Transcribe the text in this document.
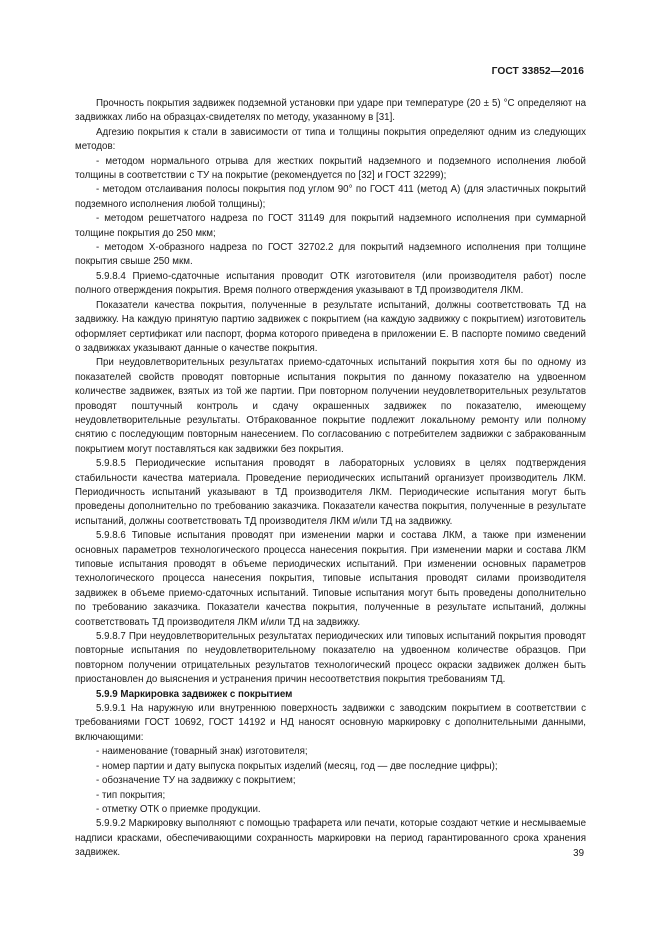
ГОСТ 33852—2016

Прочность покрытия задвижек подземной установки при ударе при температуре (20 ± 5) °С определяют на задвижках либо на образцах-свидетелях по методу, указанному в [31].

Адгезию покрытия к стали в зависимости от типа и толщины покрытия определяют одним из следующих методов:

- методом нормального отрыва для жестких покрытий надземного и подземного исполнения любой толщины в соответствии с ТУ на покрытие (рекомендуется по [32] и ГОСТ 32299);

- методом отслаивания полосы покрытия под углом 90° по ГОСТ 411 (метод А) (для эластичных покрытий подземного исполнения любой толщины);

- методом решетчатого надреза по ГОСТ 31149 для покрытий надземного исполнения при суммарной толщине покрытия до 250 мкм;

- методом X-образного надреза по ГОСТ 32702.2 для покрытий надземного исполнения при толщине покрытия свыше 250 мкм.

5.9.8.4 Приемо-сдаточные испытания проводит ОТК изготовителя (или производителя работ) после полного отверждения покрытия. Время полного отверждения указывают в ТД производителя ЛКМ.

Показатели качества покрытия, полученные в результате испытаний, должны соответствовать ТД на задвижку. На каждую принятую партию задвижек с покрытием (на каждую задвижку с покрытием) изготовитель оформляет сертификат или паспорт, форма которого приведена в приложении Е. В паспорте помимо сведений о задвижках указывают данные о качестве покрытия.

При неудовлетворительных результатах приемо-сдаточных испытаний покрытия хотя бы по одному из показателей свойств проводят повторные испытания покрытия по данному показателю на удвоенном количестве задвижек, взятых из той же партии. При повторном получении неудовлетворительных результатов проводят поштучный контроль и сдачу окрашенных задвижек по показателю, имеющему неудовлетворительные результаты. Отбракованное покрытие подлежит локальному ремонту или полному снятию с последующим повторным нанесением. По согласованию с потребителем задвижки с забракованным покрытием могут поставляться как задвижки без покрытия.

5.9.8.5 Периодические испытания проводят в лабораторных условиях в целях подтверждения стабильности качества материала. Проведение периодических испытаний организует производитель ЛКМ. Периодичность испытаний указывают в ТД производителя ЛКМ. Периодические испытания могут быть проведены дополнительно по требованию заказчика. Показатели качества покрытия, полученные в результате испытаний, должны соответствовать ТД производителя ЛКМ и/или ТД на задвижку.

5.9.8.6 Типовые испытания проводят при изменении марки и состава ЛКМ, а также при изменении основных параметров технологического процесса нанесения покрытия. При изменении марки и состава ЛКМ типовые испытания проводят в объеме периодических испытаний. При изменении основных параметров технологического процесса нанесения покрытия, типовые испытания проводят силами производителя задвижек в объеме приемо-сдаточных испытаний. Типовые испытания могут быть проведены дополнительно по требованию заказчика. Показатели качества покрытия, полученные в результате испытаний, должны соответствовать ТД производителя ЛКМ и/или ТД на задвижку.

5.9.8.7 При неудовлетворительных результатах периодических или типовых испытаний покрытия проводят повторные испытания по неудовлетворительному показателю на удвоенном количестве образцов. При повторном получении отрицательных результатов технологический процесс окраски задвижек должен быть приостановлен до выяснения и устранения причин несоответствия покрытия требованиям ТД.

5.9.9 Маркировка задвижек с покрытием

5.9.9.1 На наружную или внутреннюю поверхность задвижки с заводским покрытием в соответствии с требованиями ГОСТ 10692, ГОСТ 14192 и НД наносят основную маркировку с дополнительными данными, включающими:

- наименование (товарный знак) изготовителя;

- номер партии и дату выпуска покрытых изделий (месяц, год — две последние цифры);

- обозначение ТУ на задвижку с покрытием;

- тип покрытия;

- отметку ОТК о приемке продукции.

5.9.9.2 Маркировку выполняют с помощью трафарета или печати, которые создают четкие и несмываемые надписи красками, обеспечивающими сохранность маркировки на период гарантированного срока хранения задвижек.	39
